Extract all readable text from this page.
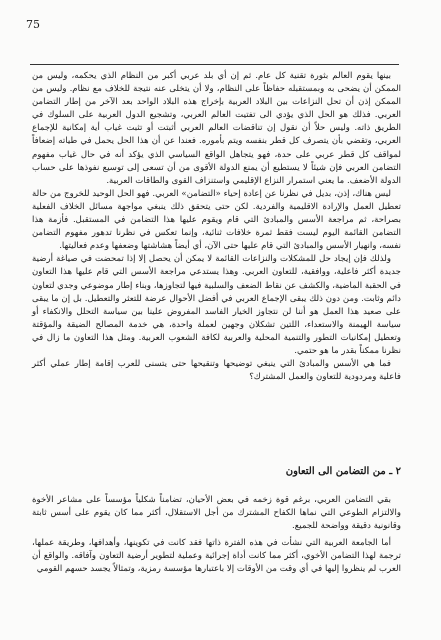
75

بينها يقوم العالم بثورة تقنية كل عام. ثم إن أي بلد عربي أكبر من النظام الذي يحكمه، وليس من الممكن أن يضحى به وبمستقبله حفاظاً على النظام، ولا أن يتخلى عنه نتيجة للخلاف مع نظام. وليس من الممكن إذن أن تحل النزاعات بين البلاد العربية بإخراج هذه البلاد الواحد بعد الآخر من إطار التضامن العربي. فذلك هو الحل الذي يؤدي الى تفتيت العالم العربي، وتشجيع الدول العربية على السلوك في الطريق ذاته. وليس حلاً أن نقول إن تناقضات العالم العربي أثبتت أو تثبت غياب أية إمكانية للإجماع العربي، وتقضي بأن يتصرف كل قطر بنفسه ويتم بأموره. فعندا عن أن هذا الحل يحمل في طياته إضعافاً لمواقف كل قطر عربي على حدة، فهو يتجاهل الواقع السياسي الذي يؤكد أنه في حال غياب مفهوم التضامن العربي فإن شيئاً لا يستطيع أن يمنع الدولة الأقوى من أن تسعى إلى توسيع نفوذها على حساب الدولة الأضعف. ما يعني استمرار النزاع الإقليمي واستنزاف القوى والطاقات العربية.

ليس هناك، إذن، بديل في نظرنا عن إعادة إحياء «التضامن» العربي. فهو الحل الوحيد للخروج من حالة تعطيل العمل والإرادة الاقليمية والفردية. لكن حتى يتحقق ذلك ينبغي مواجهة مسائل الخلاف الفعلية بصراحة، ثم مراجعة الأسس والمبادئ التي قام ويقوم عليها هذا التضامن في المستقبل. فأزمة هذا التضامن القائمة اليوم ليست فقط ثمرة خلافات ثنائية، وإنما تعكس في نظرنا تدهور مفهوم التضامن نفسه، وانهيار الأسس والمبادئ التي قام عليها حتى الآن، أي أيضاً هشاشتها وضعفها وعدم فعاليتها.

ولذلك فإن إيجاد حل للمشكلات والنزاعات القائمة لا يمكن أن يحصل إلا إذا تمحضت في صياغة أرضية جديدة أكثر فاعلية، ووافقية، للتعاون العربي. وهذا يستدعي مراجعة الأسس التي قام عليها هذا التعاون في الحقبة الماضية، والكشف عن نقاط الضعف والسلبية فيها لتجاوزها، وبناء إطار موضوعي وجدي لتعاون دائم وثابت. ومن دون ذلك يبقى الإجماع العربي في أفضل الأحوال عرضة للتعثر والتعطيل. بل إن ما يبقى على صعيد هذا العمل هو أننا لن نتجاوز الخيار الفاسد المفروض علينا بين سياسة التحلل والانكفاء أو سياسة الهيمنة والاستعداء، اللتين تشكلان وجهين لعملة واحدة، هي خدمة المصالح الضيقة والمؤقتة وتعطيل إمكانيات التطور والتنمية المحلية والعربية لكافة الشعوب العربية. ومثل هذا التعاون ما زال في نظرنا ممكناً بقدر ما هو حتمي.

فما هي الأسس والمبادئ التي ينبغي توضيحها وتنقيحها حتى يتسنى للعرب إقامة إطار عملي أكثر فاعلية ومردودية للتعاون والعمل المشترك؟

٢ ـ من التضامن الى التعاون

بقي التضامن العربي، برغم قوة زخمه في بعض الأحيان، تضامناً شكلياً مؤسساً على مشاعر الأخوة والالتزام الطوعي التي نماها الكفاح المشترك من أجل الاستقلال، أكثر مما كان يقوم على أسس ثابتة وقانونية دقيقة وواضحة للجميع.

أما الجامعة العربية التي نشأت في هذه الفترة ذاتها فقد كانت في تكوينها، وأهدافها، وطريقة عملها، ترجمة لهذا التضامن الأخوي، أكثر مما كانت أداة إجرائية وعملية لتطوير أرضية التعاون وآفاقه. والواقع أن العرب لم ينظروا إليها في أي وقت من الأوقات إلا باعتبارها مؤسسة رمزية، وتمثالاً يجسد حسهم القومي
